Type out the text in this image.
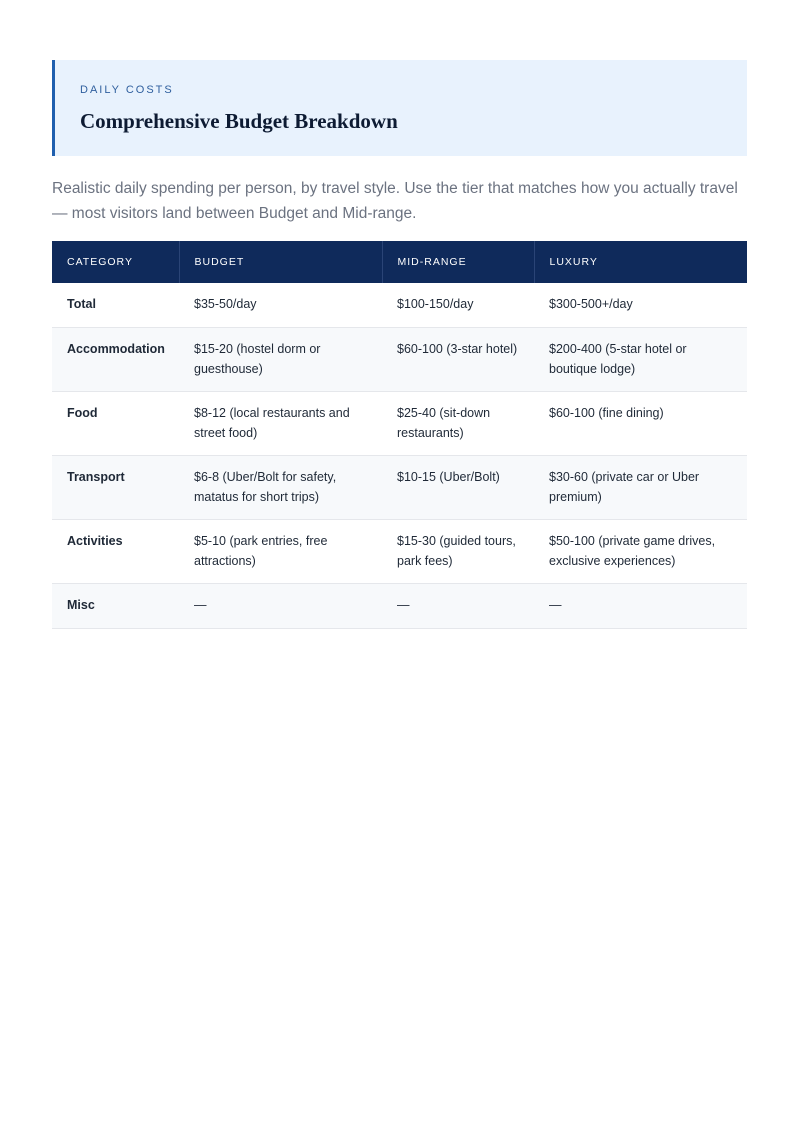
DAILY COSTS
Comprehensive Budget Breakdown

Realistic daily spending per person, by travel style. Use the tier that matches how you actually travel — most visitors land between Budget and Mid-range.

CATEGORY	BUDGET	MID-RANGE	LUXURY
Total	$35-50/day	$100-150/day	$300-500+/day
Accommodation	$15-20 (hostel dorm or guesthouse)	$60-100 (3-star hotel)	$200-400 (5-star hotel or boutique lodge)
Food	$8-12 (local restaurants and street food)	$25-40 (sit-down restaurants)	$60-100 (fine dining)
Transport	$6-8 (Uber/Bolt for safety, matatus for short trips)	$10-15 (Uber/Bolt)	$30-60 (private car or Uber premium)
Activities	$5-10 (park entries, free attractions)	$15-30 (guided tours, park fees)	$50-100 (private game drives, exclusive experiences)
Misc	—	—	—
